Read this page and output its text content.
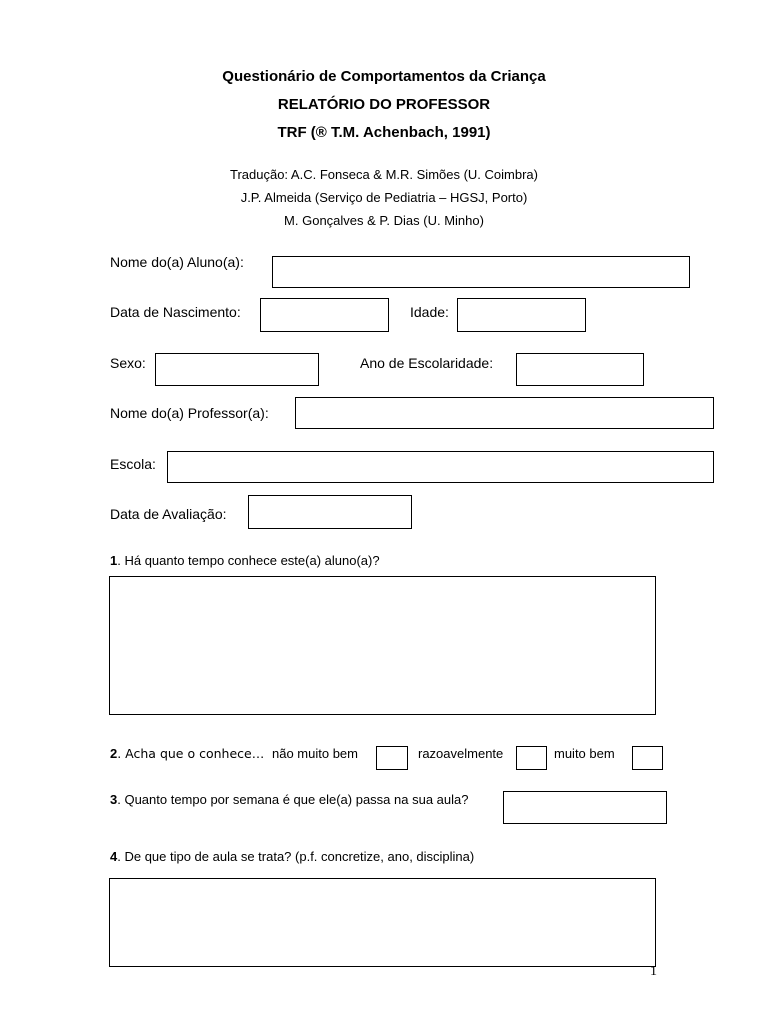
Questionário de Comportamentos da Criança
RELATÓRIO DO PROFESSOR
TRF (® T.M. Achenbach, 1991)
Tradução: A.C. Fonseca & M.R. Simões (U. Coimbra)
J.P. Almeida (Serviço de Pediatria – HGSJ, Porto)
M. Gonçalves & P. Dias (U. Minho)
Nome do(a) Aluno(a):
Data de Nascimento:	Idade:
Sexo:	Ano de Escolaridade:
Nome do(a) Professor(a):
Escola:
Data de Avaliação:
1. Há quanto tempo conhece este(a) aluno(a)?
2. Acha que o conhece… não muito bem	razoavelmente	muito bem
3. Quanto tempo por semana é que ele(a) passa na sua aula?
4. De que tipo de aula se trata? (p.f. concretize, ano, disciplina)
1
